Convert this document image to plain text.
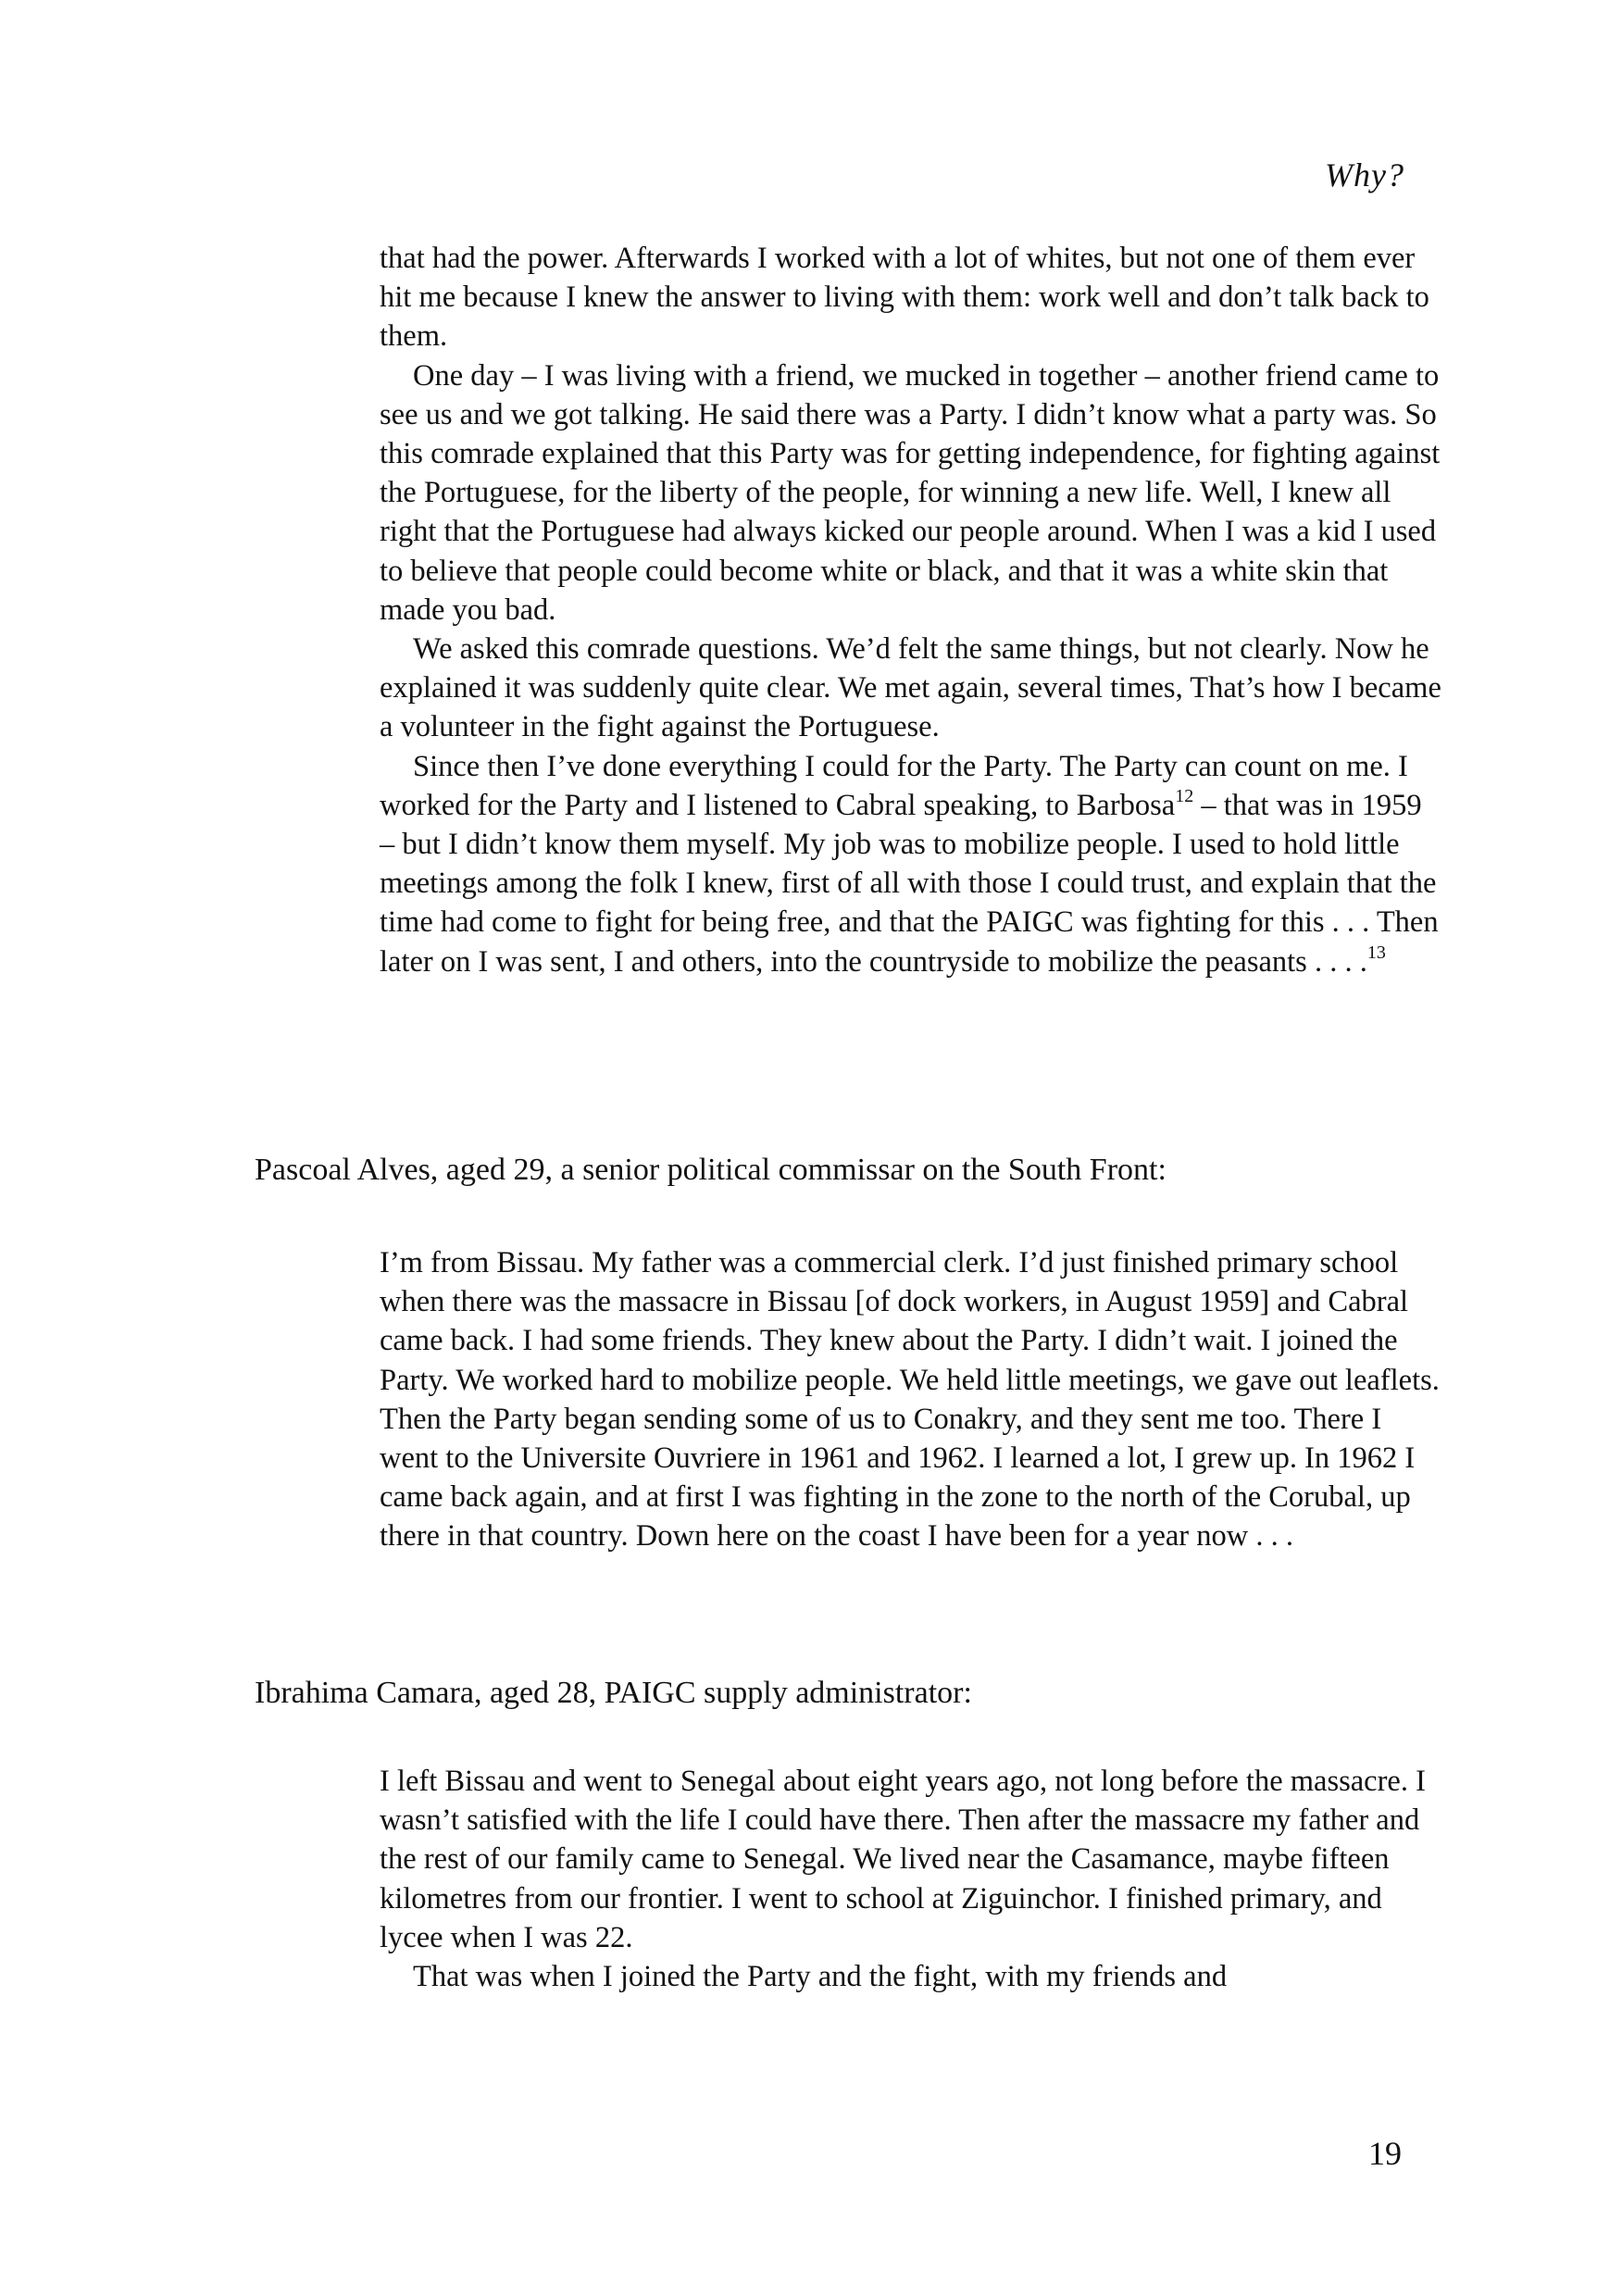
Why?

that had the power. Afterwards I worked with a lot of whites, but not one of them ever hit me because I knew the answer to living with them: work well and don’t talk back to them.

One day – I was living with a friend, we mucked in together – another friend came to see us and we got talking. He said there was a Party. I didn’t know what a party was. So this comrade explained that this Party was for getting independence, for fighting against the Portuguese, for the liberty of the people, for winning a new life. Well, I knew all right that the Portuguese had always kicked our people around. When I was a kid I used to believe that people could become white or black, and that it was a white skin that made you bad.

We asked this comrade questions. We’d felt the same things, but not clearly. Now he explained it was suddenly quite clear. We met again, several times, That’s how I became a volunteer in the fight against the Portuguese.

Since then I’ve done everything I could for the Party. The Party can count on me. I worked for the Party and I listened to Cabral speaking, to Barbosa$^{12}$ – that was in 1959 – but I didn’t know them myself. My job was to mobilize people. I used to hold little meetings among the folk I knew, first of all with those I could trust, and explain that the time had come to fight for being free, and that the PAIGC was fighting for this . . . Then later on I was sent, I and others, into the countryside to mobilize the peasants . . . .$^{13}$

Pascoal Alves, aged 29, a senior political commissar on the South Front:

I’m from Bissau. My father was a commercial clerk. I’d just finished primary school when there was the massacre in Bissau [of dock workers, in August 1959] and Cabral came back. I had some friends. They knew about the Party. I didn’t wait. I joined the Party. We worked hard to mobilize people. We held little meetings, we gave out leaflets. Then the Party began sending some of us to Conakry, and they sent me too. There I went to the Universite Ouvriere in 1961 and 1962. I learned a lot, I grew up. In 1962 I came back again, and at first I was fighting in the zone to the north of the Corubal, up there in that country. Down here on the coast I have been for a year now . . .

Ibrahima Camara, aged 28, PAIGC supply administrator:

I left Bissau and went to Senegal about eight years ago, not long before the massacre. I wasn’t satisfied with the life I could have there. Then after the massacre my father and the rest of our family came to Senegal. We lived near the Casamance, maybe fifteen kilometres from our frontier. I went to school at Ziguinchor. I finished primary, and lycee when I was 22.

That was when I joined the Party and the fight, with my friends and

19
